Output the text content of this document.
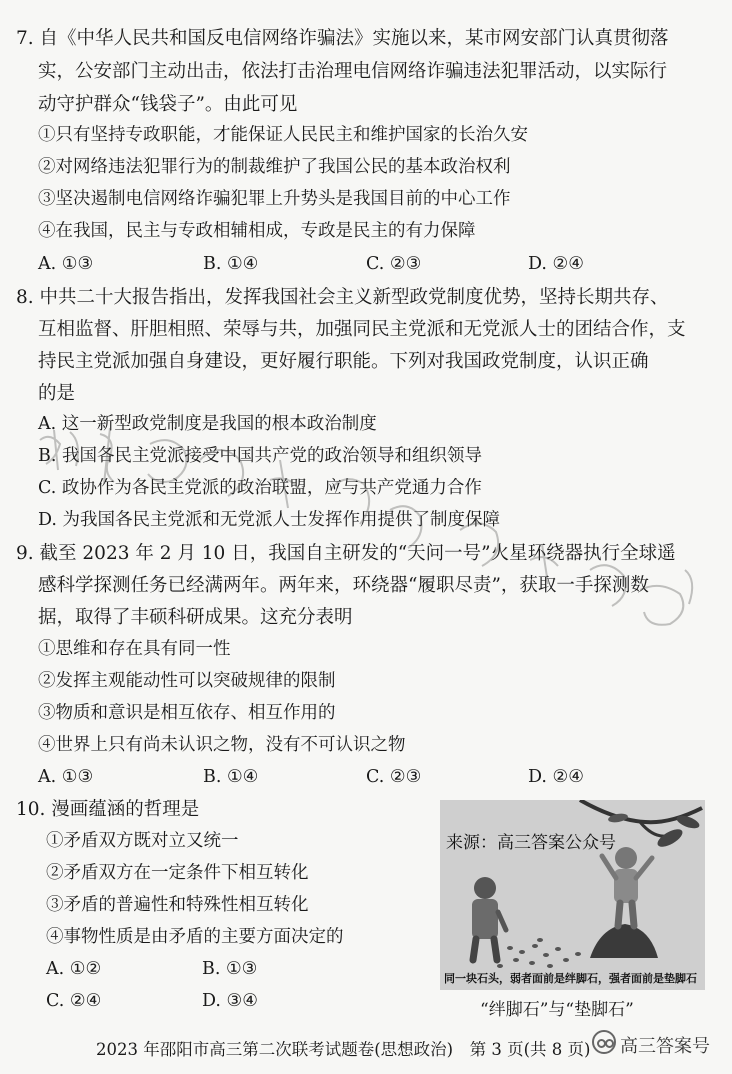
7. 自《中华人民共和国反电信网络诈骗法》实施以来，某市网安部门认真贯彻落
实，公安部门主动出击，依法打击治理电信网络诈骗违法犯罪活动，以实际行
动守护群众“钱袋子”。由此可见
①只有坚持专政职能，才能保证人民民主和维护国家的长治久安
②对网络违法犯罪行为的制裁维护了我国公民的基本政治权利
③坚决遏制电信网络诈骗犯罪上升势头是我国目前的中心工作
④在我国，民主与专政相辅相成，专政是民主的有力保障
A. ①③	B. ①④	C. ②③	D. ②④
8. 中共二十大报告指出，发挥我国社会主义新型政党制度优势，坚持长期共存、
互相监督、肝胆相照、荣辱与共，加强同民主党派和无党派人士的团结合作，支
持民主党派加强自身建设，更好履行职能。下列对我国政党制度，认识正确
的是
A. 这一新型政党制度是我国的根本政治制度
B. 我国各民主党派接受中国共产党的政治领导和组织领导
C. 政协作为各民主党派的政治联盟，应与共产党通力合作
D. 为我国各民主党派和无党派人士发挥作用提供了制度保障
9. 截至 2023 年 2 月 10 日，我国自主研发的“天问一号”火星环绕器执行全球遥
感科学探测任务已经满两年。两年来，环绕器“履职尽责”，获取一手探测数
据，取得了丰硕科研成果。这充分表明
①思维和存在具有同一性
②发挥主观能动性可以突破规律的限制
③物质和意识是相互依存、相互作用的
④世界上只有尚未认识之物，没有不可认识之物
A. ①③	B. ①④	C. ②③	D. ②④
10. 漫画蕴涵的哲理是
①矛盾双方既对立又统一
②矛盾双方在一定条件下相互转化
③矛盾的普遍性和特殊性相互转化
④事物性质是由矛盾的主要方面决定的
A. ①②	B. ①③
C. ②④	D. ③④
来源：高三答案公众号
同一块石头，弱者面前是绊脚石，强者面前是垫脚石
“绊脚石”与“垫脚石”
2023 年邵阳市高三第二次联考试题卷(思想政治)　第 3 页(共 8 页) 高三答案号
